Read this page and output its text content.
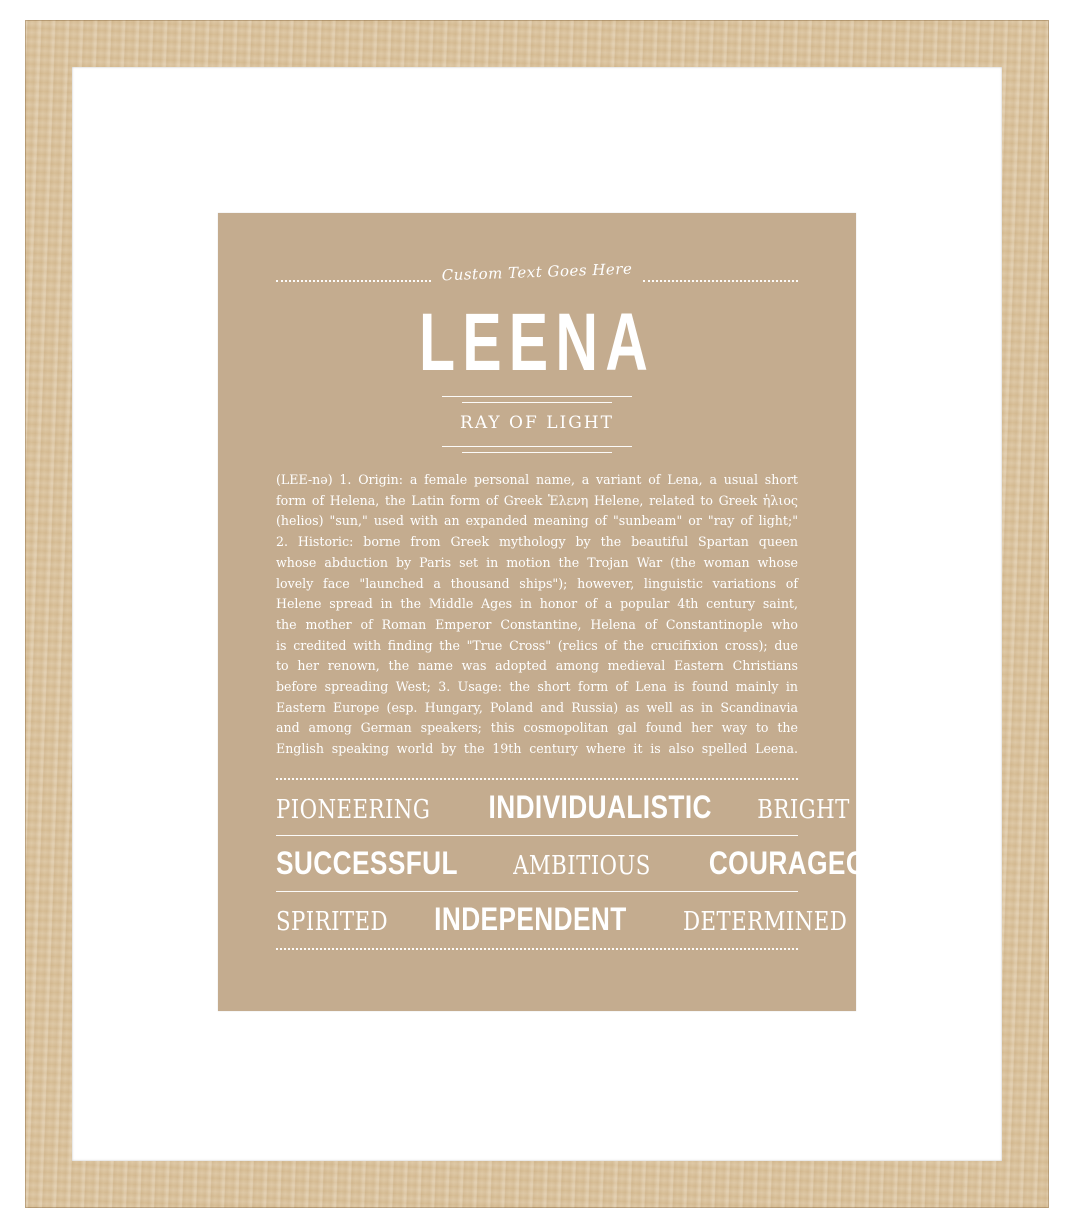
Custom Text Goes Here
LEENA
RAY OF LIGHT
(LEE-nə) 1. Origin: a female personal name, a variant of Lena, a usual short
form of Helena, the Latin form of Greek Ἑλενη Helene, related to Greek ἡλιος
(helios) "sun," used with an expanded meaning of "sunbeam" or "ray of light;"
2. Historic: borne from Greek mythology by the beautiful Spartan queen
whose abduction by Paris set in motion the Trojan War (the woman whose
lovely face "launched a thousand ships"); however, linguistic variations of
Helene spread in the Middle Ages in honor of a popular 4th century saint,
the mother of Roman Emperor Constantine, Helena of Constantinople who
is credited with finding the "True Cross" (relics of the crucifixion cross); due
to her renown, the name was adopted among medieval Eastern Christians
before spreading West; 3. Usage: the short form of Lena is found mainly in
Eastern Europe (esp. Hungary, Poland and Russia) as well as in Scandinavia
and among German speakers; this cosmopolitan gal found her way to the
English speaking world by the 19th century where it is also spelled Leena.
PIONEERING INDIVIDUALISTIC BRIGHT
SUCCESSFUL AMBITIOUS COURAGEOUS
SPIRITED INDEPENDENT DETERMINED
